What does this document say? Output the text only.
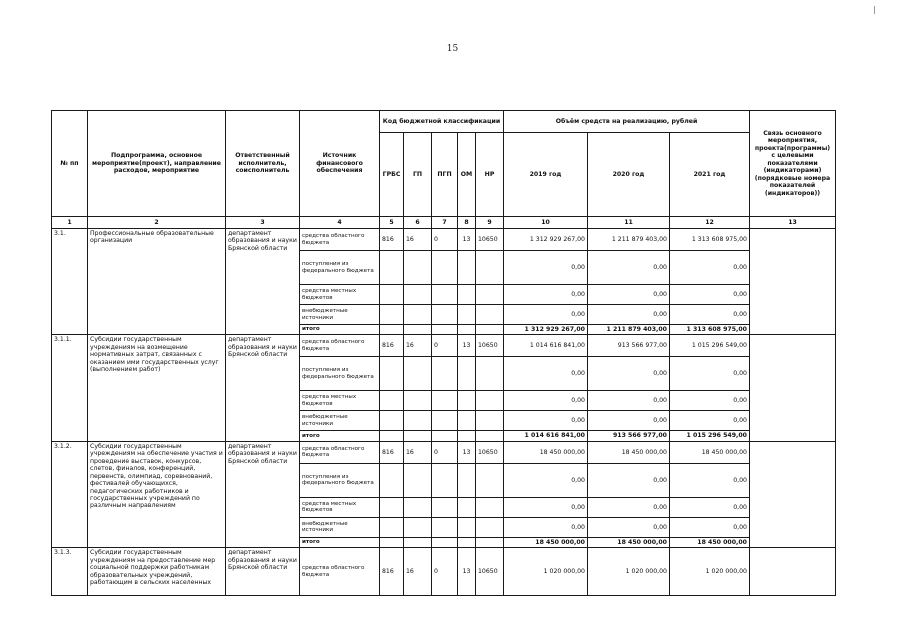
15
№ пп	Подпрограмма, основное мероприятие(проект), направление расходов, мероприятие	Ответственный исполнитель, соисполнитель	Источник финансового обеспечения	Код бюджетной классификации					Объём средств на реализацию, рублей			Связь основного мероприятия, проекта(программы) с целевыми показателями (индикаторами) (порядковые номера показателей (индикаторов))
				ГРБС	ГП	ПГП	ОМ	НР	2019 год	2020 год	2021 год	
1	2	3	4	5	6	7	8	9	10	11	12	13
3.1.	Профессиональные образовательные организации	департамент образования и науки Брянской области	средства областного бюджета	816	16	0	13	10650	1 312 929 267,00	1 211 879 403,00	1 313 608 975,00	
			поступления из федерального бюджета						0,00	0,00	0,00	
			средства местных бюджетов						0,00	0,00	0,00	
			внебюджетные источники						0,00	0,00	0,00	
			итого						1 312 929 267,00	1 211 879 403,00	1 313 608 975,00	
3.1.1.	Субсидии государственным учреждениям на возмещение нормативных затрат, связанных с оказанием ими государственных услуг (выполнением работ)	департамент образования и науки Брянской области	средства областного бюджета	816	16	0	13	10650	1 014 616 841,00	913 566 977,00	1 015 296 549,00	
			поступления из федерального бюджета						0,00	0,00	0,00	
			средства местных бюджетов						0,00	0,00	0,00	
			внебюджетные источники						0,00	0,00	0,00	
			итого						1 014 616 841,00	913 566 977,00	1 015 296 549,00	
3.1.2.	Субсидии государственным учреждениям на обеспечение участия и проведение выставок, конкурсов, слетов, финалов, конференций, первенств, олимпиад, соревнований, фестивалей обучающихся, педагогических работников и государственных учреждений по различным направлениям	департамент образования и науки Брянской области	средства областного бюджета	816	16	0	13	10650	18 450 000,00	18 450 000,00	18 450 000,00	
			поступления из федерального бюджета						0,00	0,00	0,00	
			средства местных бюджетов						0,00	0,00	0,00	
			внебюджетные источники						0,00	0,00	0,00	
			итого						18 450 000,00	18 450 000,00	18 450 000,00	
3.1.3.	Субсидии государственным учреждениям на предоставление мер социальной поддержки работникам образовательных учреждений, работающим в сельских населенных	департамент образования и науки Брянской области	средства областного бюджета	816	16	0	13	10650	1 020 000,00	1 020 000,00	1 020 000,00	
